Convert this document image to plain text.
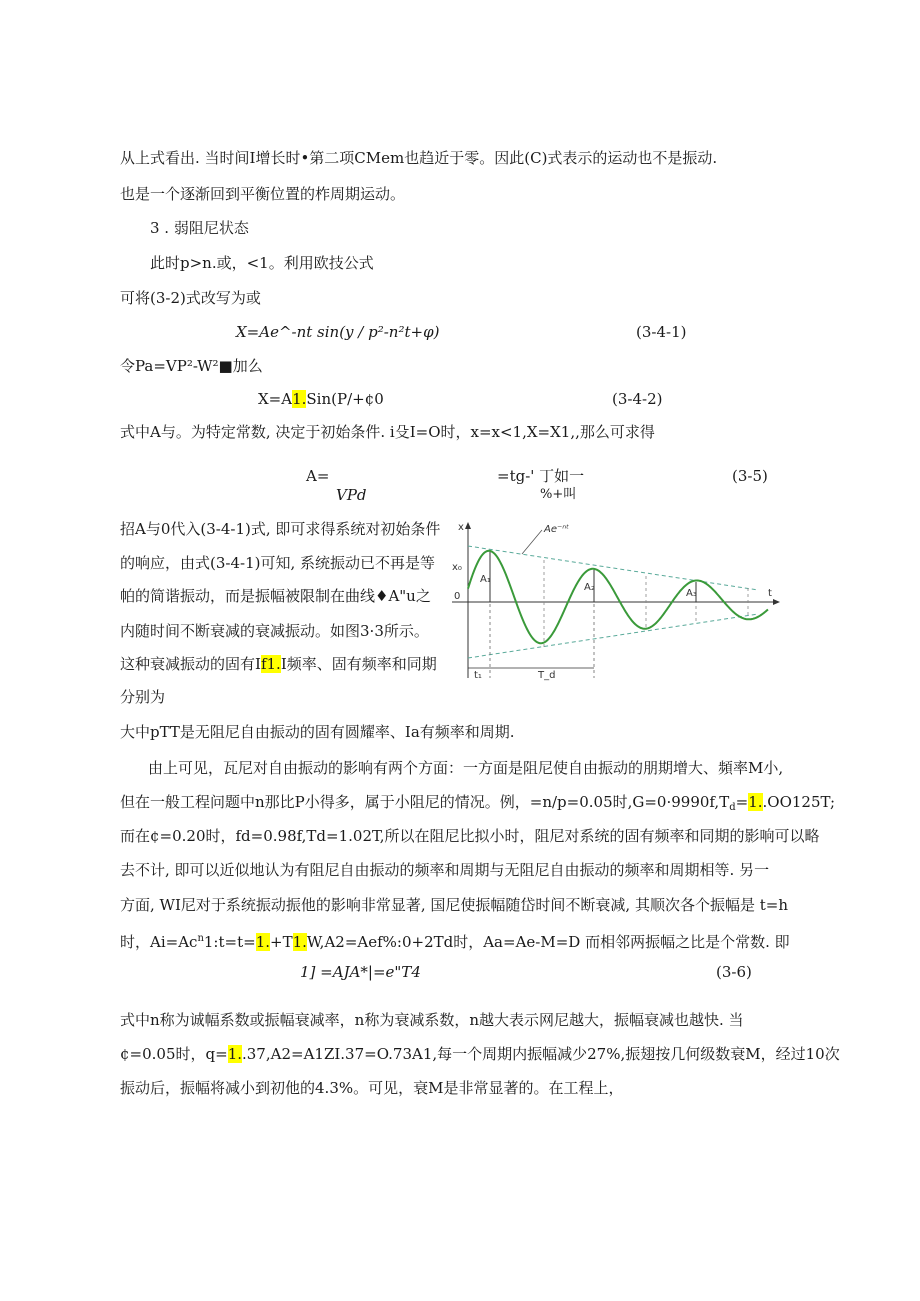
从上式看出. 当时间I增长时•第二项CMem也趋近于零。因此(C)式表示的运动也不是振动.
也是一个逐渐回到平衡位置的柞周期运动。
3 . 弱阻尼状态
此时p>n.或，<1。利用欧技公式
可将(3-2)式改写为或
X=Ae^-nt sin(y / p²-n²t+φ)	(3-4-1)
令Pa=VP²-W²■加么
X=A1.Sin(P/+¢0	(3-4-2)
式中A与。为特定常数, 决定于初始条件. i殳I=O时，x=x<1,X=X1,,那么可求得
A=
VPd
=tg-' 丁如一
%+叫
(3-5)
招A与0代入(3-4-1)式, 即可求得系统对初始条件
的响应，由式(3-4-1)可知, 系统振动已不再是等
帕的简谐振动，而是振幅被限制在曲线♦A"u之
内随时间不断衰减的衰减振动。如图3·3所示。
这种衰减振动的固有If1.I频率、固有频率和同期
分别为
x
t
x₀
0
Ae⁻ⁿᵗ
A₁
A₂
A₃
t₁	T_d
大中pTT是无阻尼自由振动的固有圆耀率、Ia有频率和周期.
由上可见，瓦尼对自由振动的影响有两个方面：一方面是阻尼使自由振动的朋期增大、頻率M小,
但在一般工程问题中n那比P小得多，属于小阻尼的情况。例，=n/p=0.05时$,G=0\cdot 9990f,T_d=1..OO125T$;
而在¢=0.20时，fd=0.98f,Td=1.02T,所以在阻尼比拟小时，阻尼对系统的固有频率和同期的影响可以略
去不计, 即可以近似地认为有阻尼自由振动的频率和周期与无阻尼自由振动的频率和周期相等. 另一
方面, WI尼对于系统振动振他的影响非常显著, 国尼使振幅随岱时间不断衰减, 其顺次各个振幅是 t=h
时，$Ai=Ac^n1:t=t=1.+T1.W,A2=Aef\%:0+2Td$时，Aa=Ae-M=D 而相邻两振幅之比是个常数. 即
1] =AJA*|=e"T4	(3-6)
式中n称为诚幅系数或振幅衰减率，n称为衰减系数，n越大表示网尼越大，振幅衰减也越快. 当
¢=0.05时，q=1..37,A2=A1ZI.37=O.73A1,每一个周期内振幅减少27%,振翅按几何级数衰M，经过10次
振动后，振幅将减小到初他的4.3%。可见，衰M是非常显著的。在工程上，
